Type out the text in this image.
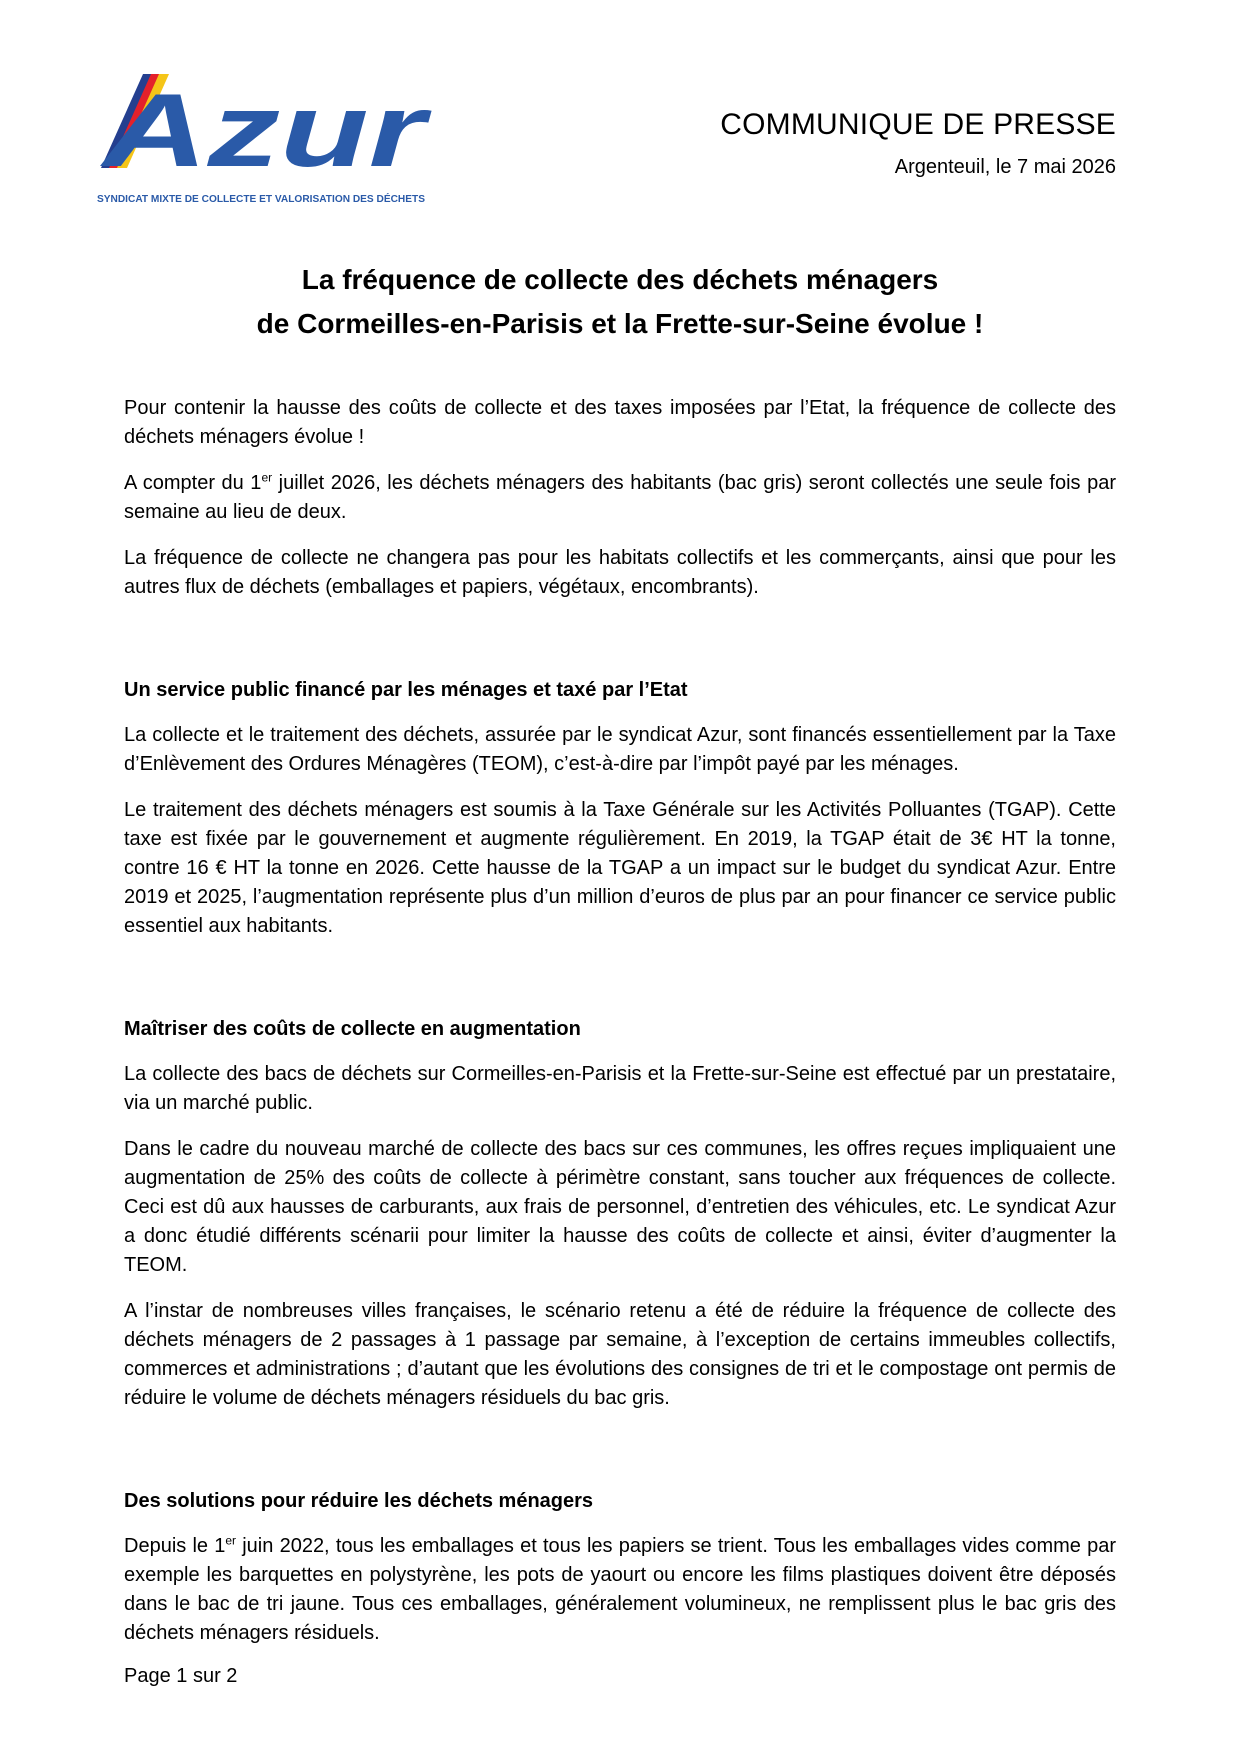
Azur
SYNDICAT MIXTE DE COLLECTE ET VALORISATION DES DÉCHETS
COMMUNIQUE DE PRESSE
Argenteuil, le 7 mai 2026
La fréquence de collecte des déchets ménagers
de Cormeilles-en-Parisis et la Frette-sur-Seine évolue !

Pour contenir la hausse des coûts de collecte et des taxes imposées par l’Etat, la fréquence de collecte des déchets ménagers évolue !

A compter du 1er juillet 2026, les déchets ménagers des habitants (bac gris) seront collectés une seule fois par semaine au lieu de deux.

La fréquence de collecte ne changera pas pour les habitats collectifs et les commerçants, ainsi que pour les autres flux de déchets (emballages et papiers, végétaux, encombrants).

Un service public financé par les ménages et taxé par l’Etat

La collecte et le traitement des déchets, assurée par le syndicat Azur, sont financés essentiellement par la Taxe d’Enlèvement des Ordures Ménagères (TEOM), c’est-à-dire par l’impôt payé par les ménages.

Le traitement des déchets ménagers est soumis à la Taxe Générale sur les Activités Polluantes (TGAP). Cette taxe est fixée par le gouvernement et augmente régulièrement. En 2019, la TGAP était de 3€ HT la tonne, contre 16 € HT la tonne en 2026. Cette hausse de la TGAP a un impact sur le budget du syndicat Azur. Entre 2019 et 2025, l’augmentation représente plus d’un million d’euros de plus par an pour financer ce service public essentiel aux habitants.

Maîtriser des coûts de collecte en augmentation

La collecte des bacs de déchets sur Cormeilles-en-Parisis et la Frette-sur-Seine est effectué par un prestataire, via un marché public.

Dans le cadre du nouveau marché de collecte des bacs sur ces communes, les offres reçues impliquaient une augmentation de 25% des coûts de collecte à périmètre constant, sans toucher aux fréquences de collecte. Ceci est dû aux hausses de carburants, aux frais de personnel, d’entretien des véhicules, etc. Le syndicat Azur a donc étudié différents scénarii pour limiter la hausse des coûts de collecte et ainsi, éviter d’augmenter la TEOM.

A l’instar de nombreuses villes françaises, le scénario retenu a été de réduire la fréquence de collecte des déchets ménagers de 2 passages à 1 passage par semaine, à l’exception de certains immeubles collectifs, commerces et administrations ; d’autant que les évolutions des consignes de tri et le compostage ont permis de réduire le volume de déchets ménagers résiduels du bac gris.

Des solutions pour réduire les déchets ménagers

Depuis le 1er juin 2022, tous les emballages et tous les papiers se trient. Tous les emballages vides comme par exemple les barquettes en polystyrène, les pots de yaourt ou encore les films plastiques doivent être déposés dans le bac de tri jaune. Tous ces emballages, généralement volumineux, ne remplissent plus le bac gris des déchets ménagers résiduels.

Page 1 sur 2
